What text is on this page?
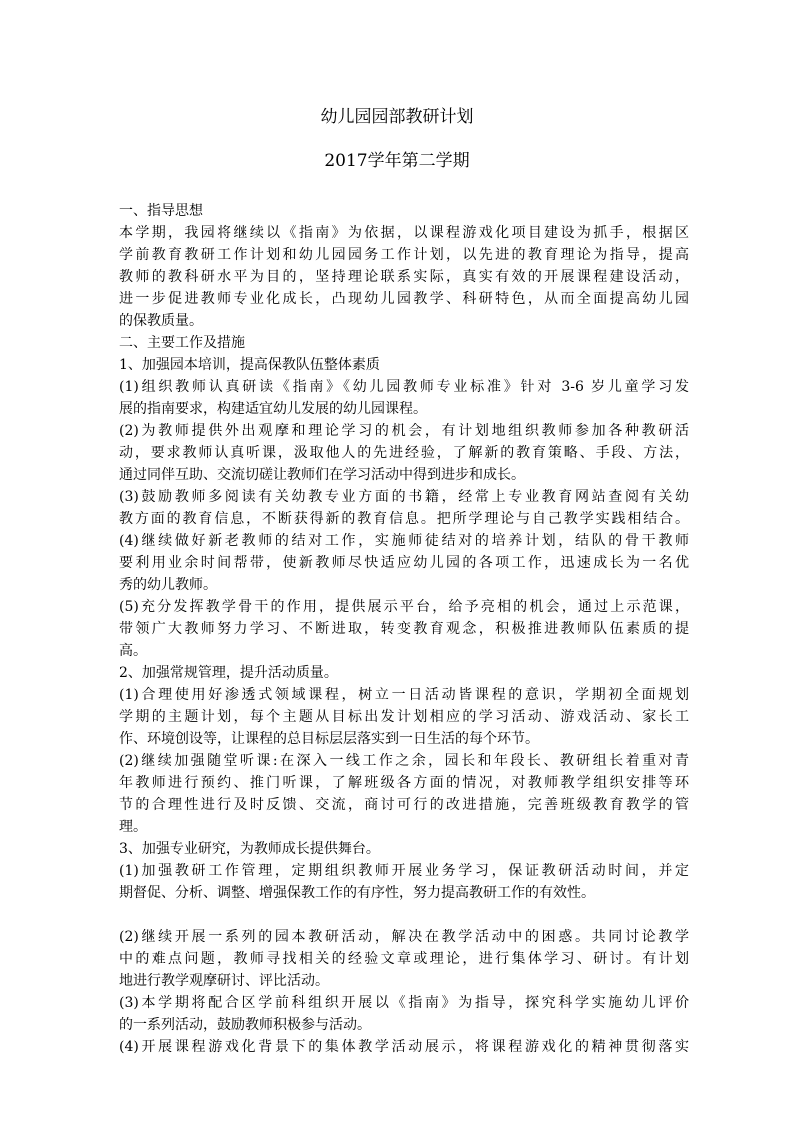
幼儿园园部教研计划
2017学年第二学期
一、指导思想
本学期，我园将继续以《指南》为依据，以课程游戏化项目建设为抓手，根据区
学前教育教研工作计划和幼儿园园务工作计划，以先进的教育理论为指导，提高
教师的教科研水平为目的，坚持理论联系实际，真实有效的开展课程建设活动，
进一步促进教师专业化成长，凸现幼儿园教学、科研特色，从而全面提高幼儿园
的保教质量。
二、主要工作及措施
1、加强园本培训，提高保教队伍整体素质
(1)组织教师认真研读《指南》《幼儿园教师专业标准》针对 3-6 岁儿童学习发
展的指南要求，构建适宜幼儿发展的幼儿园课程。
(2)为教师提供外出观摩和理论学习的机会，有计划地组织教师参加各种教研活
动，要求教师认真听课，汲取他人的先进经验，了解新的教育策略、手段、方法，
通过同伴互助、交流切磋让教师们在学习活动中得到进步和成长。
(3)鼓励教师多阅读有关幼教专业方面的书籍，经常上专业教育网站查阅有关幼
教方面的教育信息，不断获得新的教育信息。把所学理论与自己教学实践相结合。
(4)继续做好新老教师的结对工作，实施师徒结对的培养计划，结队的骨干教师
要利用业余时间帮带，使新教师尽快适应幼儿园的各项工作，迅速成长为一名优
秀的幼儿教师。
(5)充分发挥教学骨干的作用，提供展示平台，给予亮相的机会，通过上示范课，
带领广大教师努力学习、不断进取，转变教育观念，积极推进教师队伍素质的提
高。
2、加强常规管理，提升活动质量。
(1)合理使用好渗透式领域课程，树立一日活动皆课程的意识，学期初全面规划
学期的主题计划，每个主题从目标出发计划相应的学习活动、游戏活动、家长工
作、环境创设等，让课程的总目标层层落实到一日生活的每个环节。
(2)继续加强随堂听课:在深入一线工作之余，园长和年段长、教研组长着重对青
年教师进行预约、推门听课，了解班级各方面的情况，对教师教学组织安排等环
节的合理性进行及时反馈、交流，商讨可行的改进措施，完善班级教育教学的管
理。
3、加强专业研究，为教师成长提供舞台。
(1)加强教研工作管理，定期组织教师开展业务学习，保证教研活动时间，并定
期督促、分析、调整、增强保教工作的有序性，努力提高教研工作的有效性。
(2)继续开展一系列的园本教研活动，解决在教学活动中的困惑。共同讨论教学
中的难点问题，教师寻找相关的经验文章或理论，进行集体学习、研讨。有计划
地进行教学观摩研讨、评比活动。
(3)本学期将配合区学前科组织开展以《指南》为指导，探究科学实施幼儿评价
的一系列活动，鼓励教师积极参与活动。
(4)开展课程游戏化背景下的集体教学活动展示，将课程游戏化的精神贯彻落实
